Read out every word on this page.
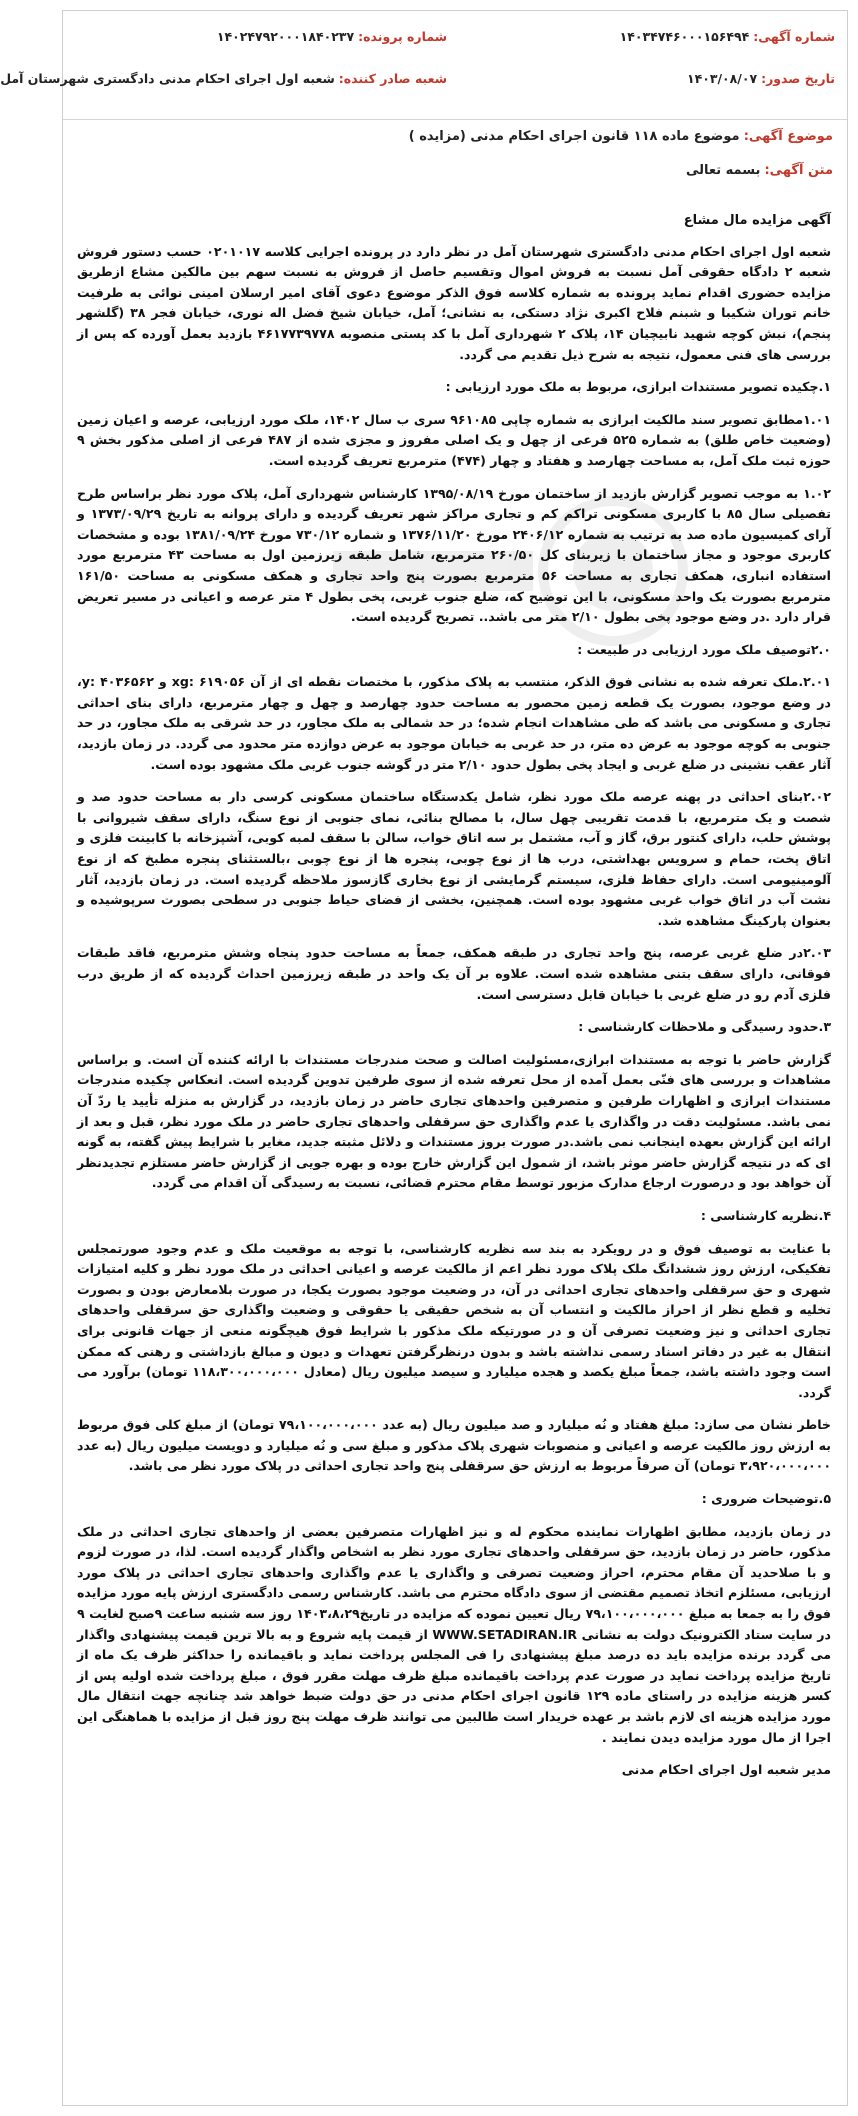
شماره آگهی: ۱۴۰۳۴۷۴۶۰۰۰۱۵۶۴۹۴
شماره پرونده: ۱۴۰۲۴۷۹۲۰۰۰۱۸۴۰۲۳۷
تاریخ صدور: ۱۴۰۳/۰۸/۰۷
شعبه صادر کننده: شعبه اول اجرای احکام مدنی دادگستری شهرستان آمل
موضوع آگهی: موضوع ماده ۱۱۸ قانون اجرای احکام مدنی (مزایده )
متن آگهی: بسمه تعالی
آگهی مزایده مال مشاع

شعبه اول اجرای احکام مدنی دادگستری شهرستان آمل در نظر دارد در پرونده اجرایی کلاسه ۰۲۰۱۰۱۷ حسب دستور فروش شعبه ۲ دادگاه حقوقی آمل نسبت به فروش اموال وتقسیم حاصل از فروش به نسبت سهم بین مالکین مشاع ازطریق مزایده حضوری اقدام نماید پرونده به شماره کلاسه فوق الذکر موضوع دعوی آقای امیر ارسلان امینی نوائی به طرفیت خانم توران شکیبا و شبنم فلاح اکبری نژاد دستکی، به نشانی؛ آمل، خیابان شیخ فضل اله نوری، خیابان فجر ۳۸ (گلشهر پنجم)، نبش کوچه شهید نابیچیان ۱۴، پلاک ۲ شهرداری آمل با کد پستی منصوبه ۴۶۱۷۷۳۹۷۷۸ بازدید بعمل آورده که پس از بررسی های فنی معمول، نتیجه به شرح ذیل تقدیم می گردد.

۱.چکیده تصویر مستندات ابرازی، مربوط به ملک مورد ارزیابی :

۱.۰۱مطابق تصویر سند مالکیت ابرازی به شماره چاپی ۹۶۱۰۸۵ سری ب سال ۱۴۰۲، ملک مورد ارزیابی، عرصه و اعیان زمین (وضعیت خاص طلق) به شماره ۵۲۵ فرعی از چهل و یک اصلی مفروز و مجزی شده از ۴۸۷ فرعی از اصلی مذکور بخش ۹ حوزه ثبت ملک آمل، به مساحت چهارصد و هفتاد و چهار (۴۷۴) مترمربع تعریف گردیده است.

۱.۰۲ به موجب تصویر گزارش بازدید از ساختمان مورخ ۱۳۹۵/۰۸/۱۹ کارشناس شهرداری آمل، پلاک مورد نظر براساس طرح تفصیلی سال ۸۵ با کاربری مسکونی تراکم کم و تجاری مراکز شهر تعریف گردیده و دارای پروانه به تاریخ ۱۳۷۳/۰۹/۲۹ و آرای کمیسیون ماده صد به ترتیب به شماره ۲۴۰۶/۱۲ مورخ ۱۳۷۶/۱۱/۲۰ و شماره ۷۳۰/۱۲ مورخ ۱۳۸۱/۰۹/۲۴ بوده و مشخصات کاربری موجود و مجاز ساختمان با زیربنای کل ۲۶۰/۵۰ مترمربع، شامل طبقه زیرزمین اول به مساحت ۴۳ مترمربع مورد استفاده انباری، همکف تجاری به مساحت ۵۶ مترمربع بصورت پنج واحد تجاری و همکف مسکونی به مساحت ۱۶۱/۵۰ مترمربع بصورت یک واحد مسکونی، با این توضیح که، ضلع جنوب غربی، پخی بطول ۴ متر عرصه و اعیانی در مسیر تعریض قرار دارد .در وضع موجود پخی بطول ۲/۱۰ متر می باشد.. تصریح گردیده است.

۲.۰توصیف ملک مورد ارزیابی در طبیعت :

۲.۰۱.ملک تعرفه شده به نشانی فوق الذکر، منتسب به پلاک مذکور، با مختصات نقطه ای از آن ۶۱۹۰۵۶ :xg و ۴۰۳۶۵۶۲ :y، در وضع موجود، بصورت یک قطعه زمین محصور به مساحت حدود چهارصد و چهل و چهار مترمربع، دارای بنای احداثی تجاری و مسکونی می باشد که طی مشاهدات انجام شده؛ در حد شمالی به ملک مجاور، در حد شرقی به ملک مجاور، در حد جنوبی به کوچه موجود به عرض ده متر، در حد غربی به خیابان موجود به عرض دوازده متر محدود می گردد. در زمان بازدید، آثار عقب نشینی در ضلع غربی و ایجاد پخی بطول حدود ۲/۱۰ متر در گوشه جنوب غربی ملک مشهود بوده است.

۲.۰۲بنای احداثی در پهنه عرصه ملک مورد نظر، شامل یکدستگاه ساختمان مسکونی کرسی دار به مساحت حدود صد و شصت و یک مترمربع، با قدمت تقریبی چهل سال، با مصالح بنائی، نمای جنوبی از نوع سنگ، دارای سقف شیروانی با پوشش حلب، دارای کنتور برق، گاز و آب، مشتمل بر سه اتاق خواب، سالن با سقف لمبه کوبی، آشپزخانه با کابینت فلزی و اتاق پخت، حمام و سرویس بهداشتی، درب ها از نوع چوبی، پنجره ها از نوع چوبی ،بالستثنای پنجره مطبخ که از نوع آلومینیومی است. دارای حفاظ فلزی، سیستم گرمایشی از نوع بخاری گازسوز ملاحظه گردیده است. در زمان بازدید، آثار نشت آب در اتاق خواب غربی مشهود بوده است. همچنین، بخشی از فضای حیاط جنوبی در سطحی بصورت سرپوشیده و بعنوان پارکینگ مشاهده شد.

۲.۰۳در ضلع غربی عرصه، پنج واحد تجاری در طبقه همکف، جمعاً به مساحت حدود پنجاه وشش مترمربع، فاقد طبقات فوقانی، دارای سقف بتنی مشاهده شده است. علاوه بر آن یک واحد در طبقه زیرزمین احداث گردیده که از طریق درب فلزی آدم رو در ضلع غربی با خیابان قابل دسترسی است.

۳.حدود رسیدگی و ملاحظات کارشناسی :

گزارش حاضر با توجه به مستندات ابرازی،مسئولیت اصالت و صحت مندرجات مستندات با ارائه کننده آن است. و براساس مشاهدات و بررسی های فنّی بعمل آمده از محل تعرفه شده از سوی طرفین تدوین گردیده است. انعکاس چکیده مندرجات مستندات ابرازی و اظهارات طرفین و متصرفین واحدهای تجاری حاضر در زمان بازدید، در گزارش به منزله تأیید یا ردّ آن نمی باشد. مسئولیت دقت در واگذاری یا عدم واگذاری حق سرقفلی واحدهای تجاری حاضر در ملک مورد نظر، قبل و بعد از ارائه این گزارش بعهده اینجانب نمی باشد.در صورت بروز مستندات و دلائل مثبته جدید، مغایر با شرایط پیش گفته، به گونه ای که در نتیجه گزارش حاضر موثر باشد، از شمول این گزارش خارج بوده و بهره جویی از گزارش حاضر مستلزم تجدیدنظر آن خواهد بود و درصورت ارجاع مدارک مزبور توسط مقام محترم قضائی، نسبت به رسیدگی آن اقدام می گردد.

۴.نظریه کارشناسی :

با عنایت به توصیف فوق و در رویکرد به بند سه نظریه کارشناسی، با توجه به موقعیت ملک و عدم وجود صورتمجلس تفکیکی، ارزش روز ششدانگ ملک پلاک مورد نظر اعم از مالکیت عرصه و اعیانی احداثی در ملک مورد نظر و کلیه امتیازات شهری و حق سرقفلی واحدهای تجاری احداثی در آن، در وضعیت موجود بصورت یکجا، در صورت بلامعارض بودن و بصورت تخلیه و قطع نظر از احراز مالکیت و انتساب آن به شخص حقیقی یا حقوقی و وضعیت واگذاری حق سرقفلی واحدهای تجاری احداثی و نیز وضعیت تصرفی آن و در صورتیکه ملک مذکور با شرایط فوق هیچگونه منعی از جهات قانونی برای انتقال به غیر در دفاتر اسناد رسمی نداشته باشد و بدون درنظرگرفتن تعهدات و دیون و مبالغ بازداشتی و رهنی که ممکن است وجود داشته باشد، جمعاً مبلغ یکصد و هجده میلیارد و سیصد میلیون ریال (معادل ۱۱۸،۳۰۰،۰۰۰،۰۰۰ تومان) برآورد می گردد.

خاطر نشان می سازد: مبلغ هفتاد و نُه میلیارد و صد میلیون ریال (به عدد ۷۹،۱۰۰،۰۰۰،۰۰۰ تومان) از مبلغ کلی فوق مربوط به ارزش روز مالکیت عرصه و اعیانی و منصوبات شهری پلاک مذکور و مبلغ سی و نُه میلیارد و دویست میلیون ریال (به عدد ۳،۹۲۰،۰۰۰،۰۰۰ تومان) آن صرفاً مربوط به ارزش حق سرقفلی پنج واحد تجاری احداثی در پلاک مورد نظر می باشد.

۵.توضیحات ضروری :

در زمان بازدید، مطابق اظهارات نماینده محکوم له و نیز اظهارات متصرفین بعضی از واحدهای تجاری احداثی در ملک مذکور، حاضر در زمان بازدید، حق سرقفلی واحدهای تجاری مورد نظر به اشخاص واگذار گردیده است. لذا، در صورت لزوم و با صلاحدید آن مقام محترم، احراز وضعیت تصرفی و واگذاری یا عدم واگذاری واحدهای تجاری احداثی در پلاک مورد ارزیابی، مسئلزم اتخاذ تصمیم مقتضی از سوی دادگاه محترم می باشد. کارشناس رسمی دادگستری ارزش پایه مورد مزایده فوق را به جمعا به مبلغ ۷۹،۱۰۰،۰۰۰،۰۰۰ ریال تعیین نموده که مزایده در تاریخ۱۴۰۳،۸،۲۹ روز سه شنبه ساعت ۹صبح لغایت ۹ در سایت ستاد الکترونیک دولت به نشانی WWW.SETADIRAN.IR از قیمت پایه شروع و به بالا ترین قیمت پیشنهادی واگذار می گردد برنده مزایده باید ده درصد مبلغ پیشنهادی را فی المجلس پرداخت نماید و باقیمانده را حداکثر ظرف یک ماه از تاریخ مزایده پرداخت نماید در صورت عدم پرداخت باقیمانده مبلغ ظرف مهلت مقرر فوق ، مبلغ پرداخت شده اولیه پس از کسر هزینه مزایده در راستای ماده ۱۲۹ قانون اجرای احکام مدنی در حق دولت ضبط خواهد شد چنانچه جهت انتقال مال مورد مزایده هزینه ای لازم باشد بر عهده خریدار است طالبین می توانند ظرف مهلت پنج روز قبل از مزایده با هماهنگی این اجرا از مال مورد مزایده دیدن نمایند .

مدیر شعبه اول اجرای احکام مدنی
